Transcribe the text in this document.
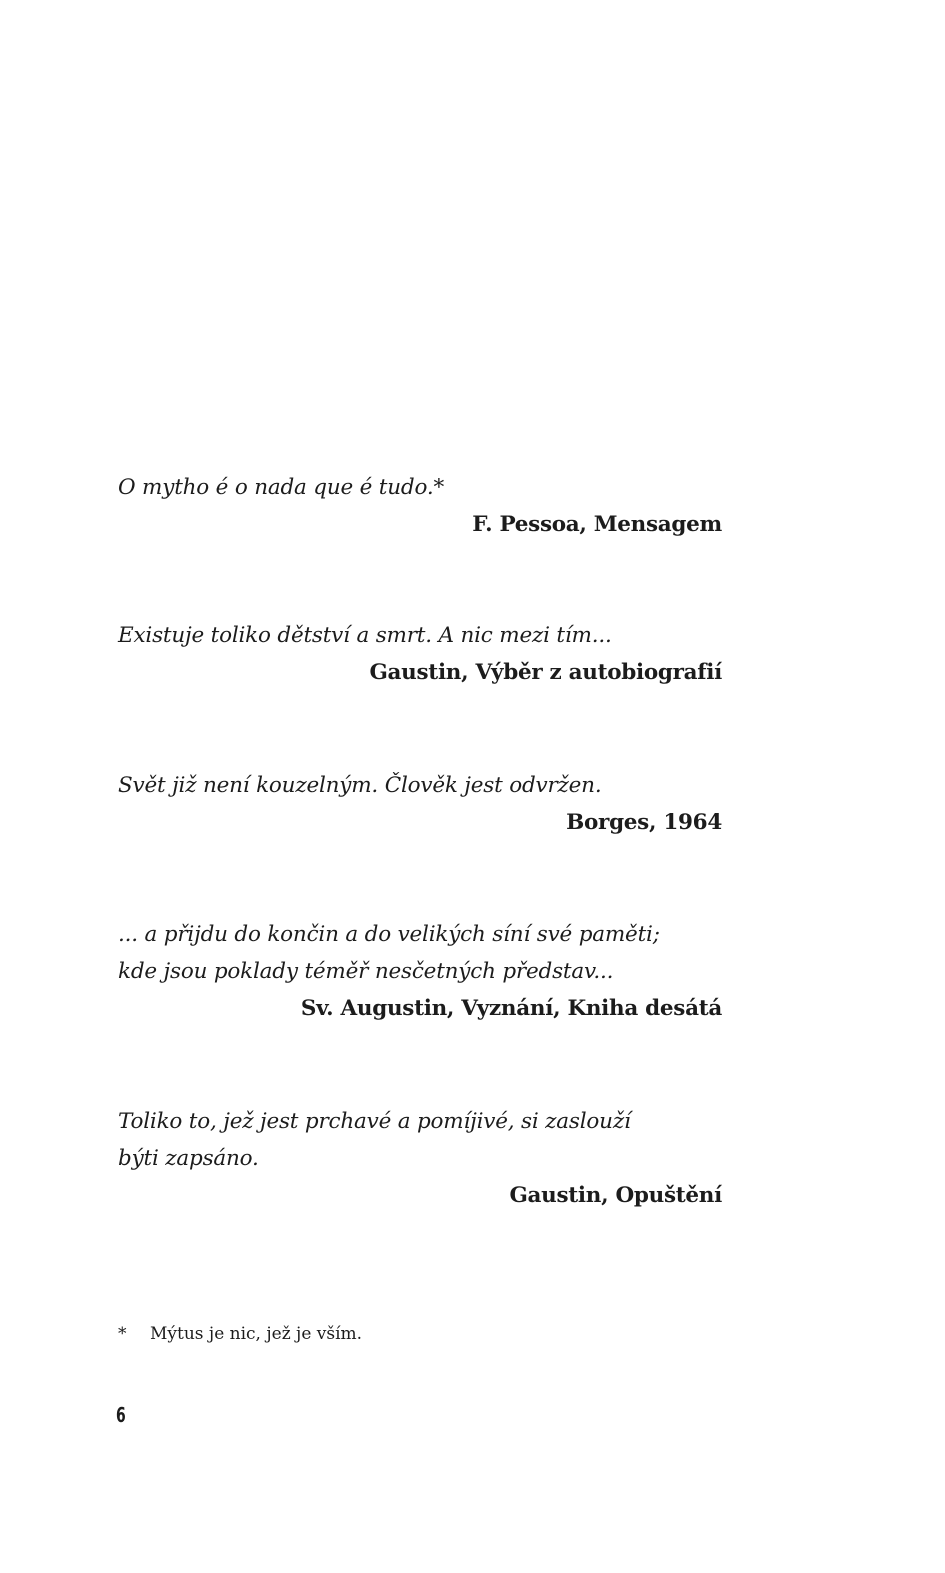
O mytho é o nada que é tudo.*
F. Pessoa, Mensagem
Existuje toliko dětství a smrt. A nic mezi tím...
Gaustin, Výběr z autobiografií
Svět již není kouzelným. Člověk jest odvržen.
Borges, 1964
... a přijdu do končin a do velikých síní své paměti;
kde jsou poklady téměř nesčetných představ...
Sv. Augustin, Vyznání, Kniha desátá
Toliko to, jež jest prchavé a pomíjivé, si zaslouží
býti zapsáno.
Gaustin, Opuštění
* Mýtus je nic, jež je vším.
6
